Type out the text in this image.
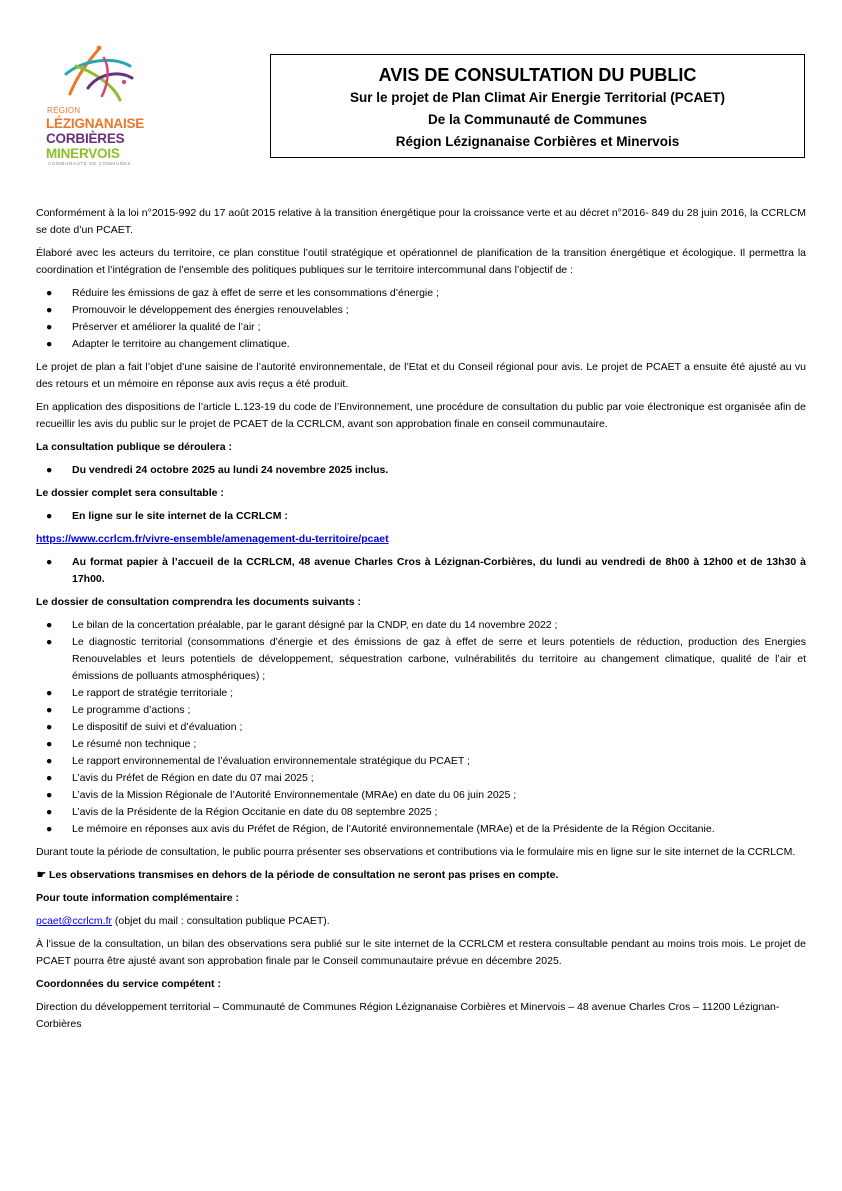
RÉGION
LÉZIGNANAISE
CORBIÈRES
MINERVOIS
COMMUNAUTÉ DE COMMUNES
AVIS DE CONSULTATION DU PUBLIC
Sur le projet de Plan Climat Air Energie Territorial (PCAET)
De la Communauté de Communes
Région Lézignanaise Corbières et Minervois

Conformément à la loi n°2015-992 du 17 août 2015 relative à la transition énergétique pour la croissance verte et au décret n°2016- 849 du 28 juin 2016, la CCRLCM se dote d’un PCAET.

Élaboré avec les acteurs du territoire, ce plan constitue l’outil stratégique et opérationnel de planification de la transition énergétique et écologique. Il permettra la coordination et l’intégration de l’ensemble des politiques publiques sur le territoire intercommunal dans l’objectif de :

● Réduire les émissions de gaz à effet de serre et les consommations d’énergie ;
● Promouvoir le développement des énergies renouvelables ;
● Préserver et améliorer la qualité de l’air ;
● Adapter le territoire au changement climatique.

Le projet de plan a fait l’objet d’une saisine de l’autorité environnementale, de l’Etat et du Conseil régional pour avis. Le projet de PCAET a ensuite été ajusté au vu des retours et un mémoire en réponse aux avis reçus a été produit.

En application des dispositions de l’article L.123-19 du code de l’Environnement, une procédure de consultation du public par voie électronique est organisée afin de recueillir les avis du public sur le projet de PCAET de la CCRLCM, avant son approbation finale en conseil communautaire.

La consultation publique se déroulera :

● Du vendredi 24 octobre 2025 au lundi 24 novembre 2025 inclus.

Le dossier complet sera consultable :

● En ligne sur le site internet de la CCRLCM :
https://www.ccrlcm.fr/vivre-ensemble/amenagement-du-territoire/pcaet
● Au format papier à l’accueil de la CCRLCM, 48 avenue Charles Cros à Lézignan-Corbières, du lundi au vendredi de 8h00 à 12h00 et de 13h30 à 17h00.

Le dossier de consultation comprendra les documents suivants :

● Le bilan de la concertation préalable, par le garant désigné par la CNDP, en date du 14 novembre 2022 ;
● Le diagnostic territorial (consommations d’énergie et des émissions de gaz à effet de serre et leurs potentiels de réduction, production des Energies Renouvelables et leurs potentiels de développement, séquestration carbone, vulnérabilités du territoire au changement climatique, qualité de l’air et émissions de polluants atmosphériques) ;
● Le rapport de stratégie territoriale ;
● Le programme d’actions ;
● Le dispositif de suivi et d’évaluation ;
● Le résumé non technique ;
● Le rapport environnemental de l’évaluation environnementale stratégique du PCAET ;
● L’avis du Préfet de Région en date du 07 mai 2025 ;
● L’avis de la Mission Régionale de l’Autorité Environnementale (MRAe) en date du 06 juin 2025 ;
● L’avis de la Présidente de la Région Occitanie en date du 08 septembre 2025 ;
● Le mémoire en réponses aux avis du Préfet de Région, de l’Autorité environnementale (MRAe) et de la Présidente de la Région Occitanie.

Durant toute la période de consultation, le public pourra présenter ses observations et contributions via le formulaire mis en ligne sur le site internet de la CCRLCM.

☛ Les observations transmises en dehors de la période de consultation ne seront pas prises en compte.

Pour toute information complémentaire :

pcaet@ccrlcm.fr (objet du mail : consultation publique PCAET).

À l’issue de la consultation, un bilan des observations sera publié sur le site internet de la CCRLCM et restera consultable pendant au moins trois mois. Le projet de PCAET pourra être ajusté avant son approbation finale par le Conseil communautaire prévue en décembre 2025.

Coordonnées du service compétent :

Direction du développement territorial – Communauté de Communes Région Lézignanaise Corbières et Minervois – 48 avenue Charles Cros – 11200 Lézignan-Corbières
